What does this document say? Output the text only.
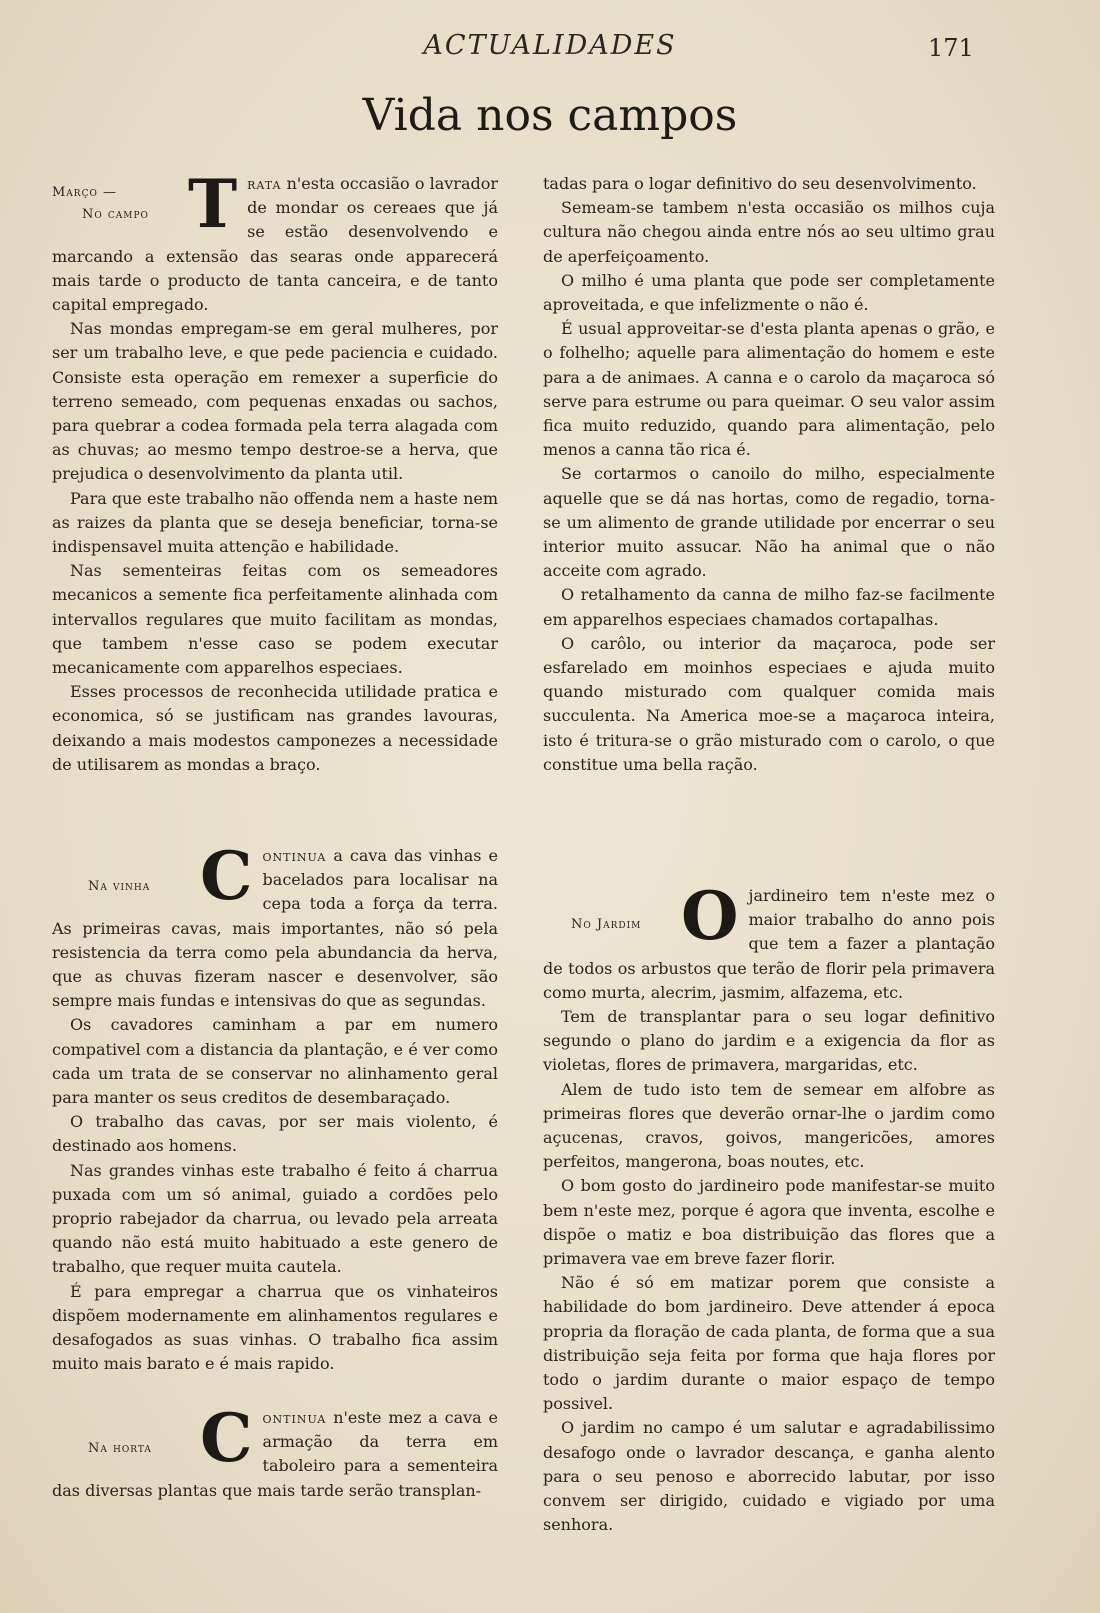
ACTUALIDADES	171
Vida nos campos
Março —
No campo Trata n'esta occasião o lavrador de mondar os cereaes que já se estão desenvolvendo e marcando a extensão das searas onde apparecerá mais tarde o producto de tanta canceira, e de tanto capital empregado.

Nas mondas empregam-se em geral mulheres, por ser um trabalho leve, e que pede paciencia e cuidado. Consiste esta operação em remexer a superficie do terreno semeado, com pequenas enxadas ou sachos, para quebrar a codea formada pela terra alagada com as chuvas; ao mesmo tempo destroe-se a herva, que prejudica o desenvolvimento da planta util.

Para que este trabalho não offenda nem a haste nem as raizes da planta que se deseja beneficiar, torna-se indispensavel muita attenção e habilidade.

Nas sementeiras feitas com os semeadores mecanicos a semente fica perfeitamente alinhada com intervallos regulares que muito facilitam as mondas, que tambem n'esse caso se podem executar mecanicamente com apparelhos especiaes.

Esses processos de reconhecida utilidade pratica e economica, só se justificam nas grandes lavouras, deixando a mais modestos camponezes a necessidade de utilisarem as mondas a braço.

Na vinha Continua a cava das vinhas e bacelados para localisar na cepa toda a força da terra. As primeiras cavas, mais importantes, não só pela resistencia da terra como pela abundancia da herva, que as chuvas fizeram nascer e desenvolver, são sempre mais fundas e intensivas do que as segundas.

Os cavadores caminham a par em numero compativel com a distancia da plantação, e é ver como cada um trata de se conservar no alinhamento geral para manter os seus creditos de desembaraçado.

O trabalho das cavas, por ser mais violento, é destinado aos homens.

Nas grandes vinhas este trabalho é feito á charrua puxada com um só animal, guiado a cordões pelo proprio rabejador da charrua, ou levado pela arreata quando não está muito habituado a este genero de trabalho, que requer muita cautela.

É para empregar a charrua que os vinhateiros dispõem modernamente em alinhamentos regulares e desafogados as suas vinhas. O trabalho fica assim muito mais barato e é mais rapido.

Na horta Continua n'este mez a cava e armação da terra em taboleiro para a sementeira das diversas plantas que mais tarde serão transplan-

tadas para o logar definitivo do seu desenvolvimento.

Semeam-se tambem n'esta occasião os milhos cuja cultura não chegou ainda entre nós ao seu ultimo grau de aperfeiçoamento.

O milho é uma planta que pode ser completamente aproveitada, e que infelizmente o não é.

É usual approveitar-se d'esta planta apenas o grão, e o folhelho; aquelle para alimentação do homem e este para a de animaes. A canna e o carolo da maçaroca só serve para estrume ou para queimar. O seu valor assim fica muito reduzido, quando para alimentação, pelo menos a canna tão rica é.

Se cortarmos o canoilo do milho, especialmente aquelle que se dá nas hortas, como de regadio, torna-se um alimento de grande utilidade por encerrar o seu interior muito assucar. Não ha animal que o não acceite com agrado.

O retalhamento da canna de milho faz-se facilmente em apparelhos especiaes chamados cortapalhas.

O carôlo, ou interior da maçaroca, pode ser esfarelado em moinhos especiaes e ajuda muito quando misturado com qualquer comida mais succulenta. Na America moe-se a maçaroca inteira, isto é tritura-se o grão misturado com o carolo, o que constitue uma bella ração.

No Jardim O jardineiro tem n'este mez o maior trabalho do anno pois que tem a fazer a plantação de todos os arbustos que terão de florir pela primavera como murta, alecrim, jasmim, alfazema, etc.

Tem de transplantar para o seu logar definitivo segundo o plano do jardim e a exigencia da flor as violetas, flores de primavera, margaridas, etc.

Alem de tudo isto tem de semear em alfobre as primeiras flores que deverão ornar-lhe o jardim como açucenas, cravos, goivos, mangericões, amores perfeitos, mangerona, boas noutes, etc.

O bom gosto do jardineiro pode manifestar-se muito bem n'este mez, porque é agora que inventa, escolhe e dispõe o matiz e boa distribuição das flores que a primavera vae em breve fazer florir.

Não é só em matizar porem que consiste a habilidade do bom jardineiro. Deve attender á epoca propria da floração de cada planta, de forma que a sua distribuição seja feita por forma que haja flores por todo o jardim durante o maior espaço de tempo possivel.

O jardim no campo é um salutar e agradabilissimo desafogo onde o lavrador descança, e ganha alento para o seu penoso e aborrecido labutar, por isso convem ser dirigido, cuidado e vigiado por uma senhora.
